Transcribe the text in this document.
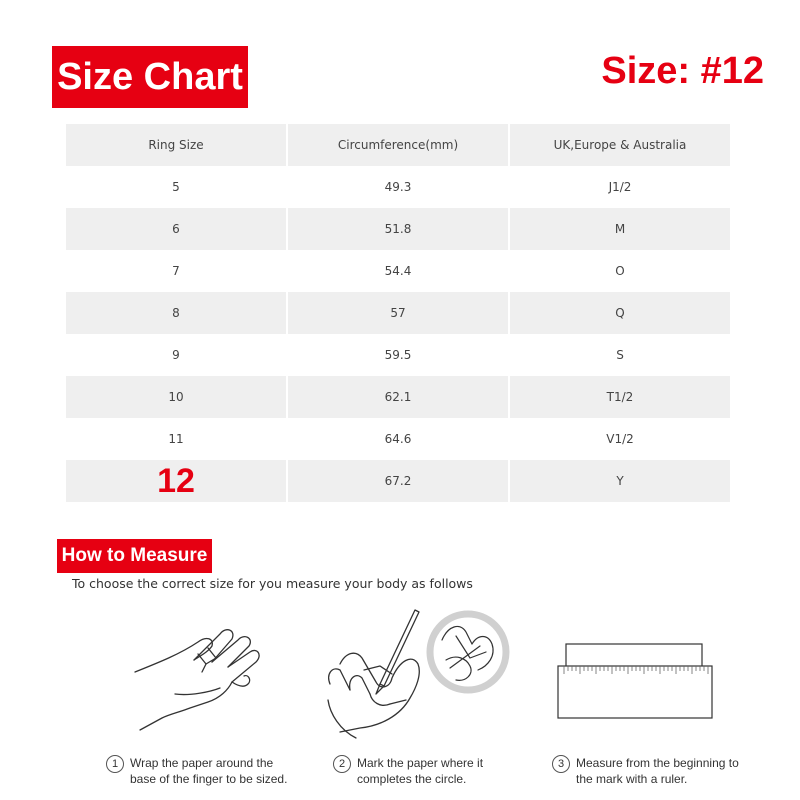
Size Chart	Size: #12
Ring Size	Circumference(mm)	UK,Europe & Australia
5	49.3	J1/2
6	51.8	M
7	54.4	O
8	57	Q
9	59.5	S
10	62.1	T1/2
11	64.6	V1/2
12	67.2	Y
How to Measure
To choose the correct size for you measure your body as follows
1 Wrap the paper around the
base of the finger to be sized.
2 Mark the paper where it
completes the circle.
3 Measure from the beginning to
the mark with a ruler.
